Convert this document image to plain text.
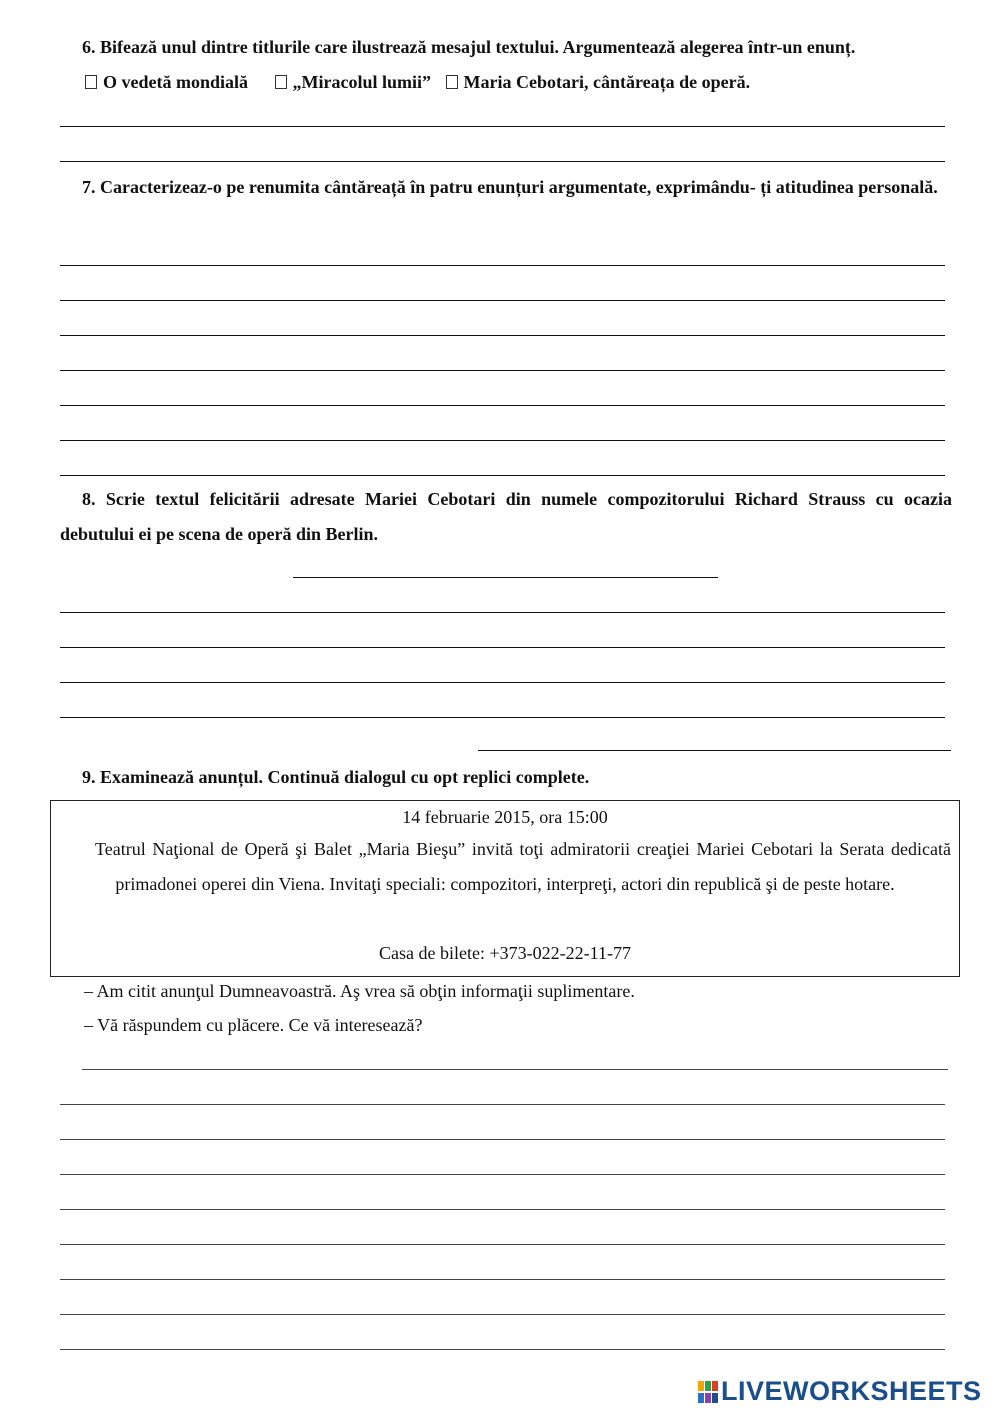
6. Bifează unul dintre titlurile care ilustrează mesajul textului. Argumentează alegerea într-un enunț.
O vedetă mondială „Miracolul lumii” Maria Cebotari, cântăreața de operă.
7. Caracterizeaz-o pe renumita cântăreață în patru enunțuri argumentate, exprimându- ți atitudinea personală.
8. Scrie textul felicitării adresate Mariei Cebotari din numele compozitorului Richard Strauss cu ocazia debutului ei pe scena de operă din Berlin.
9. Examinează anunțul. Continuă dialogul cu opt replici complete.
14 februarie 2015, ora 15:00
Teatrul Naţional de Operă şi Balet „Maria Bieşu” invită toţi admiratorii creaţiei Mariei Cebotari la Serata dedicată primadonei operei din Viena. Invitaţi speciali: compozitori, interpreţi, actori din republică şi de peste hotare.
Casa de bilete: +373-022-22-11-77
– Am citit anunţul Dumneavoastră. Aş vrea să obţin informaţii suplimentare.
– Vă răspundem cu plăcere. Ce vă interesează?
LIVEWORKSHEETS
